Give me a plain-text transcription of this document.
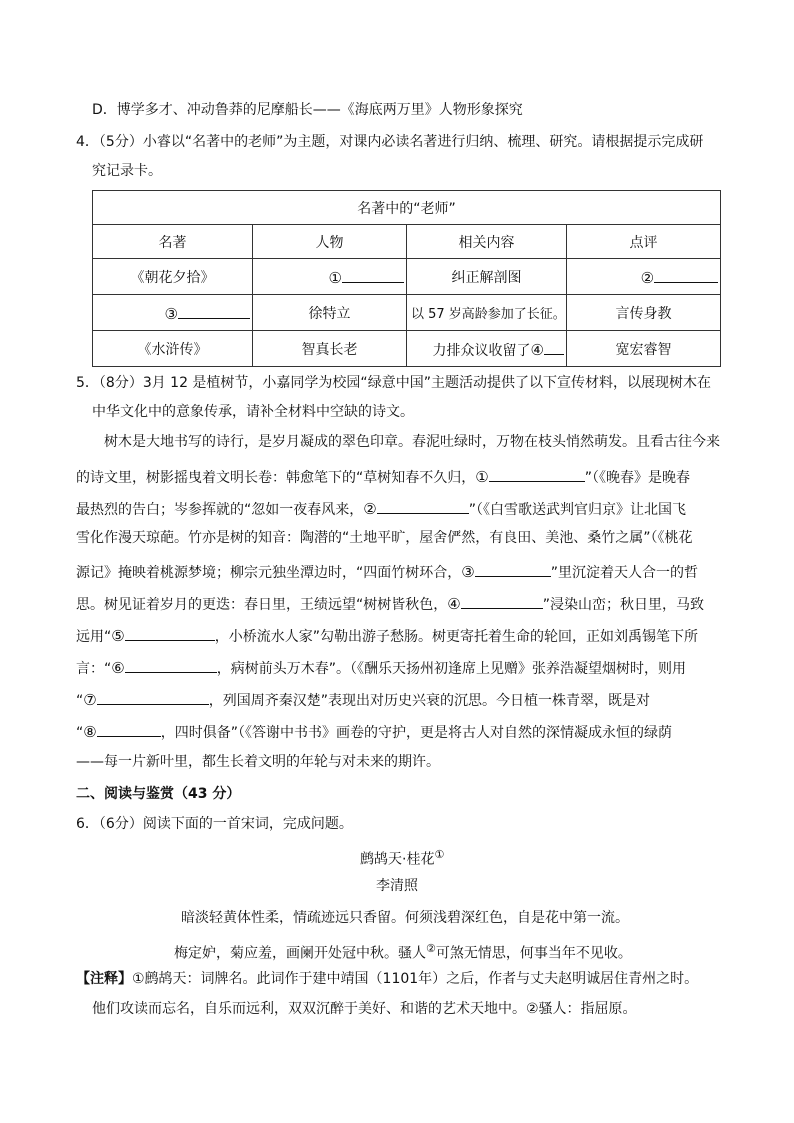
D．博学多才、冲动鲁莽的尼摩船长——《海底两万里》人物形象探究
4．（5分）小睿以“名著中的老师”为主题，对课内必读名著进行归纳、梳理、研究。请根据提示完成研
究记录卡。
名著中的“老师”			
名著	人物	相关内容	点评
《朝花夕拾》	①	纠正解剖图	②
③	徐特立	以 57 岁高龄参加了长征。	言传身教
《水浒传》	智真长老	力排众议收留了④	宽宏睿智
5．（8分）3月 12 是植树节，小嘉同学为校园“绿意中国”主题活动提供了以下宣传材料，以展现树木在
中华文化中的意象传承，请补全材料中空缺的诗文。
树木是大地书写的诗行，是岁月凝成的翠色印章。春泥吐绿时，万物在枝头悄然萌发。且看古往今来
的诗文里，树影摇曳着文明长卷：韩愈笔下的“草树知春不久归，①	”（《晚春》是晚春
最热烈的告白；岑参挥就的“忽如一夜春风来，②	”（《白雪歌送武判官归京》让北国飞
雪化作漫天琼葩。竹亦是树的知音：陶潜的“土地平旷，屋舍俨然，有良田、美池、桑竹之属”（《桃花
源记》掩映着桃源梦境；柳宗元独坐潭边时，“四面竹树环合，③	”里沉淀着天人合一的哲
思。树见证着岁月的更迭：春日里，王绩远望“树树皆秋色，④	”浸染山峦；秋日里，马致
远用“⑤	，小桥流水人家”勾勒出游子愁肠。树更寄托着生命的轮回，正如刘禹锡笔下所
言：“⑥	，病树前头万木春”。（《酬乐天扬州初逢席上见赠》张养浩凝望烟树时，则用
“⑦	，列国周齐秦汉楚”表现出对历史兴衰的沉思。今日植一株青翠，既是对
“⑧	，四时俱备”（《答谢中书书》画卷的守护，更是将古人对自然的深情凝成永恒的绿荫
——每一片新叶里，都生长着文明的年轮与对未来的期许。
二、阅读与鉴赏（43 分）
6．（6分）阅读下面的一首宋词，完成问题。
鹧鸪天·桂花①
李清照
暗淡轻黄体性柔，情疏迹远只香留。何须浅碧深红色，自是花中第一流。
梅定妒，菊应羞，画阑开处冠中秋。骚人②可煞无情思，何事当年不见收。
【注释】①鹧鸪天：词牌名。此词作于建中靖国（1101年）之后，作者与丈夫赵明诚居住青州之时。
他们攻读而忘名，自乐而远利，双双沉醉于美好、和谐的艺术天地中。②骚人：指屈原。
